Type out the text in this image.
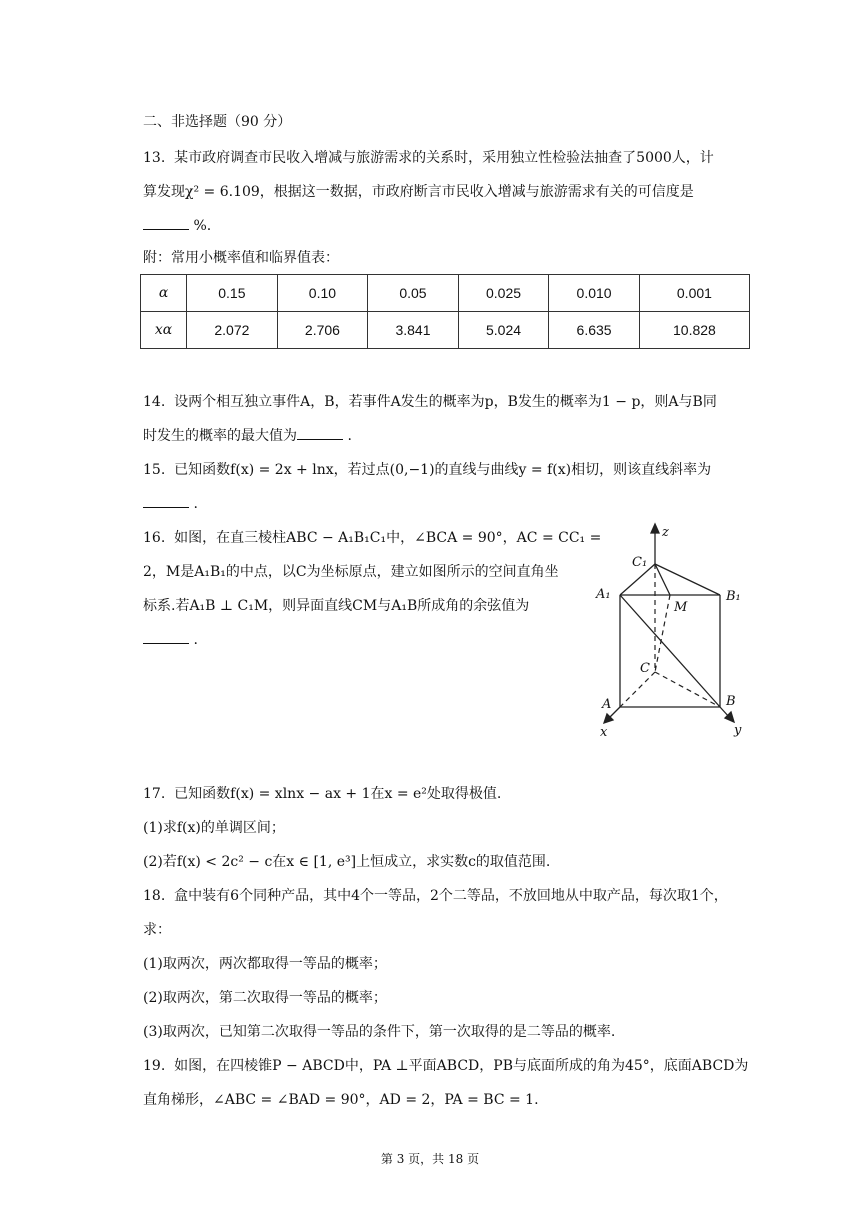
二、非选择题（90 分）
13. 某市政府调查市民收入增减与旅游需求的关系时，采用独立性检验法抽查了5000人，计
算发现χ² = 6.109，根据这一数据，市政府断言市民收入增减与旅游需求有关的可信度是
%.
附：常用小概率值和临界值表：
α	0.15	0.10	0.05	0.025	0.010	0.001
xα	2.072	2.706	3.841	5.024	6.635	10.828
14. 设两个相互独立事件A，B，若事件A发生的概率为p，B发生的概率为1 − p，则A与B同
时发生的概率的最大值为	.
15. 已知函数f(x) = 2x + lnx，若过点(0,−1)的直线与曲线y = f(x)相切，则该直线斜率为
.
16. 如图，在直三棱柱ABC − A₁B₁C₁中，∠BCA = 90°，AC = CC₁ =
2，M是A₁B₁的中点，以C为坐标原点，建立如图所示的空间直角坐
标系.若A₁B ⊥ C₁M，则异面直线CM与A₁B所成角的余弦值为
.
z
C₁
B₁
A₁
M
C
A	B
x	y
17. 已知函数f(x) = xlnx − ax + 1在x = e²处取得极值.
(1)求f(x)的单调区间；
(2)若f(x) < 2c² − c在x ∈ [1, e³]上恒成立，求实数c的取值范围.
18. 盒中装有6个同种产品，其中4个一等品，2个二等品，不放回地从中取产品，每次取1个，
求：
(1)取两次，两次都取得一等品的概率；
(2)取两次，第二次取得一等品的概率；
(3)取两次，已知第二次取得一等品的条件下，第一次取得的是二等品的概率.
19. 如图，在四棱锥P − ABCD中，PA ⊥平面ABCD，PB与底面所成的角为45°，底面ABCD为
直角梯形，∠ABC = ∠BAD = 90°，AD = 2，PA = BC = 1.
第 3 页，共 18 页
